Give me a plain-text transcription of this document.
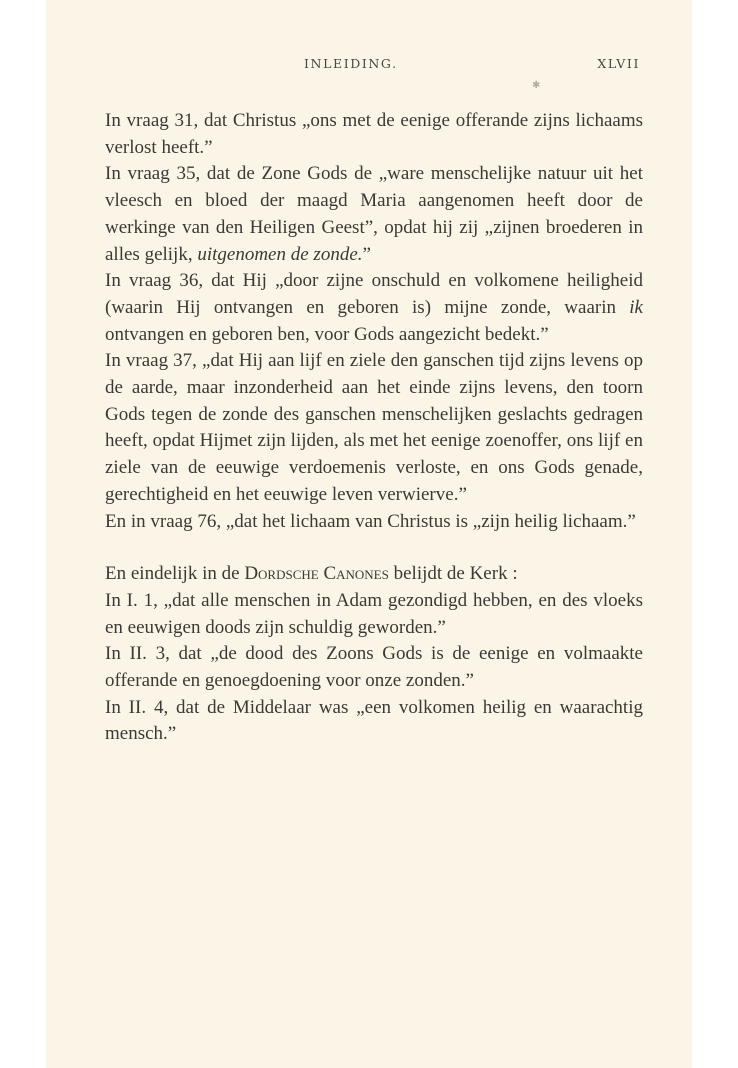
INLEIDING.	XLVII
✱

In vraag 31, dat Christus „ons met de eenige offerande zijns lichaams verlost heeft.”

In vraag 35, dat de Zone Gods de „ware menschelijke natuur uit het vleesch en bloed der maagd Maria aangenomen heeft door de werkinge van den Heiligen Geest”, opdat hij zij „zijnen broederen in alles gelijk, uitgenomen de zonde.”

In vraag 36, dat Hij „door zijne onschuld en volkomene heiligheid (waarin Hij ontvangen en geboren is) mijne zonde, waarin ik ontvangen en geboren ben, voor Gods aangezicht bedekt.”

In vraag 37, „dat Hij aan lijf en ziele den ganschen tijd zijns levens op de aarde, maar inzonderheid aan het einde zijns levens, den toorn Gods tegen de zonde des ganschen menschelijken geslachts gedragen heeft, opdat Hijmet zijn lijden, als met het eenige zoenoffer, ons lijf en ziele van de eeuwige verdoemenis verloste, en ons Gods genade, gerechtigheid en het eeuwige leven verwierve.”

En in vraag 76, „dat het lichaam van Christus is „zijn heilig lichaam.”

En eindelijk in de Dordsche Canones belijdt de Kerk :

In I. 1, „dat alle menschen in Adam gezondigd hebben, en des vloeks en eeuwigen doods zijn schuldig geworden.”

In II. 3, dat „de dood des Zoons Gods is de eenige en volmaakte offerande en genoegdoening voor onze zonden.”

In II. 4, dat de Middelaar was „een volkomen heilig en waarachtig mensch.”
